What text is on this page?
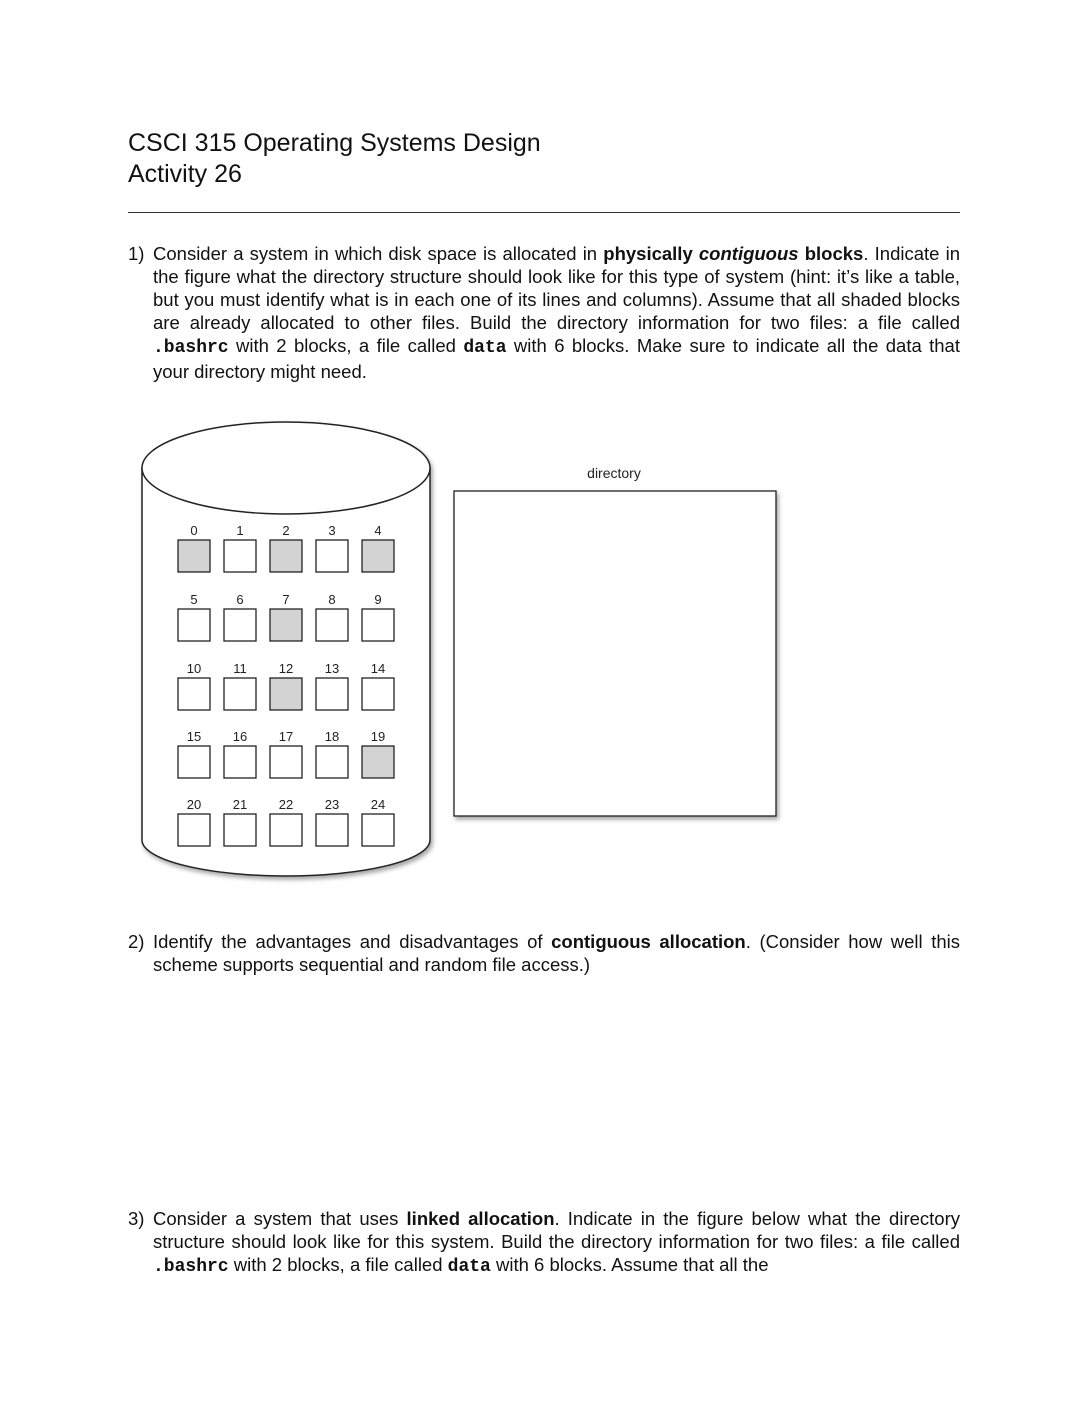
CSCI 315 Operating Systems Design
Activity 26
1) Consider a system in which disk space is allocated in physically contiguous blocks. Indicate in the figure what the directory structure should look like for this type of system (hint: it’s like a table, but you must identify what is in each one of its lines and columns). Assume that all shaded blocks are already allocated to other files. Build the directory information for two files: a file called .bashrc with 2 blocks, a file called data with 6 blocks. Make sure to indicate all the data that your directory might need.
0	1	2	3	4
5	6	7	8	9
10 11 12 13 14
15 16 17 18 19
20 21 22 23 24
directory
2) Identify the advantages and disadvantages of contiguous allocation. (Consider how well this scheme supports sequential and random file access.)
3) Consider a system that uses linked allocation. Indicate in the figure below what the directory structure should look like for this system. Build the directory information for two files: a file called .bashrc with 2 blocks, a file called data with 6 blocks. Assume that all the
